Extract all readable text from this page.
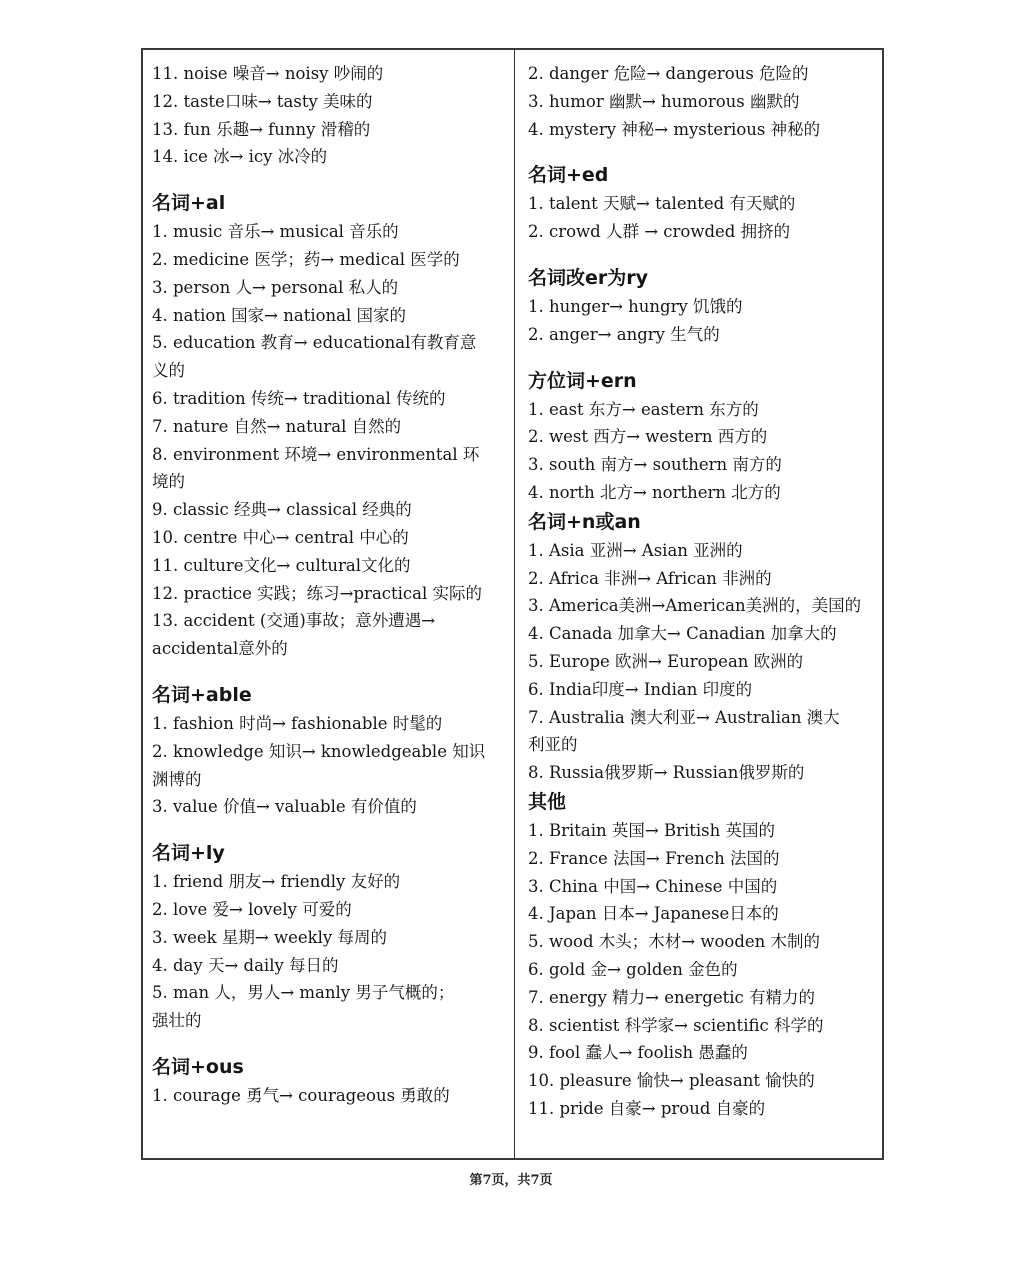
11. noise 噪音→ noisy 吵闹的
12. taste口味→ tasty 美味的
13. fun 乐趣→ funny 滑稽的
14. ice 冰→ icy 冰冷的
名词+al
1. music 音乐→ musical 音乐的
2. medicine 医学；药→ medical 医学的
3. person 人→ personal 私人的
4. nation 国家→ national 国家的
5. education 教育→ educational有教育意
义的
6. tradition 传统→ traditional 传统的
7. nature 自然→ natural 自然的
8. environment 环境→ environmental 环
境的
9. classic 经典→ classical 经典的
10. centre 中心→ central 中心的
11. culture文化→ cultural文化的
12. practice 实践；练习→practical 实际的
13. accident (交通)事故；意外遭遇→
accidental意外的
名词+able
1. fashion 时尚→ fashionable 时髦的
2. knowledge 知识→ knowledgeable 知识
渊博的
3. value 价值→ valuable 有价值的
名词+ly
1. friend 朋友→ friendly 友好的
2. love 爱→ lovely 可爱的
3. week 星期→ weekly 每周的
4. day 天→ daily 每日的
5. man 人，男人→ manly 男子气概的；
强壮的
名词+ous
1. courage 勇气→ courageous 勇敢的
2. danger 危险→ dangerous 危险的
3. humor 幽默→ humorous 幽默的
4. mystery 神秘→ mysterious 神秘的
名词+ed
1. talent 天赋→ talented 有天赋的
2. crowd 人群 → crowded 拥挤的
名词改er为ry
1. hunger→ hungry 饥饿的
2. anger→ angry 生气的
方位词+ern
1. east 东方→ eastern 东方的
2. west 西方→ western 西方的
3. south 南方→ southern 南方的
4. north 北方→ northern 北方的
名词+n或an
1. Asia 亚洲→ Asian 亚洲的
2. Africa 非洲→ African 非洲的
3. America美洲→American美洲的，美国的
4. Canada 加拿大→ Canadian 加拿大的
5. Europe 欧洲→ European 欧洲的
6. India印度→ Indian 印度的
7. Australia 澳大利亚→ Australian 澳大
利亚的
8. Russia俄罗斯→ Russian俄罗斯的
其他
1. Britain 英国→ British 英国的
2. France 法国→ French 法国的
3. China 中国→ Chinese 中国的
4. Japan 日本→ Japanese日本的
5. wood 木头；木材→ wooden 木制的
6. gold 金→ golden 金色的
7. energy 精力→ energetic 有精力的
8. scientist 科学家→ scientific 科学的
9. fool 蠢人→ foolish 愚蠢的
10. pleasure 愉快→ pleasant 愉快的
11. pride 自豪→ proud 自豪的
第7页，共7页
